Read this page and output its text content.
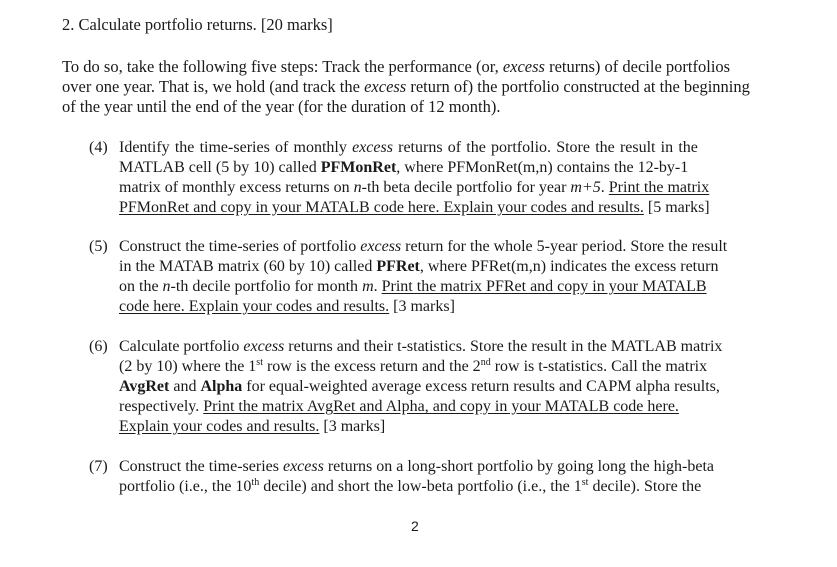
2. Calculate portfolio returns. [20 marks]
To do so, take the following five steps: Track the performance (or, excess returns) of decile portfolios
over one year. That is, we hold (and track the excess return of) the portfolio constructed at the beginning
of the year until the end of the year (for the duration of 12 month).
(4) Identify the time-series of monthly excess returns of the portfolio. Store the result in the
MATLAB cell (5 by 10) called PFMonRet, where PFMonRet(m,n) contains the 12-by-1
matrix of monthly excess returns on n-th beta decile portfolio for year m+5. Print the matrix
PFMonRet and copy in your MATALB code here. Explain your codes and results. [5 marks]
(5) Construct the time-series of portfolio excess return for the whole 5-year period. Store the result
in the MATAB matrix (60 by 10) called PFRet, where PFRet(m,n) indicates the excess return
on the n-th decile portfolio for month m. Print the matrix PFRet and copy in your MATALB
code here. Explain your codes and results. [3 marks]
(6) Calculate portfolio excess returns and their t-statistics. Store the result in the MATLAB matrix
(2 by 10) where the 1st row is the excess return and the 2nd row is t-statistics. Call the matrix
AvgRet and Alpha for equal-weighted average excess return results and CAPM alpha results,
respectively. Print the matrix AvgRet and Alpha, and copy in your MATALB code here.
Explain your codes and results. [3 marks]
(7) Construct the time-series excess returns on a long-short portfolio by going long the high-beta
portfolio (i.e., the 10th decile) and short the low-beta portfolio (i.e., the 1st decile). Store the
2
